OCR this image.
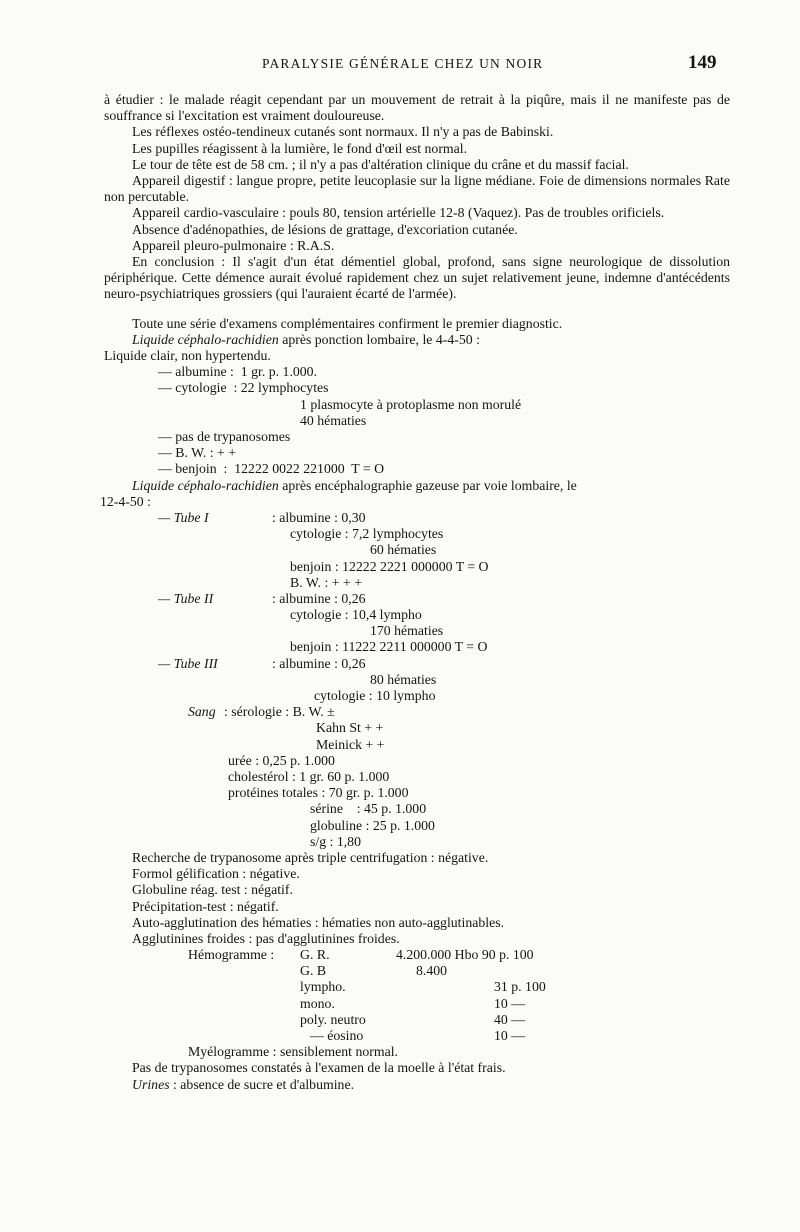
PARALYSIE GÉNÉRALE CHEZ UN NOIR	149

à étudier : le malade réagit cependant par un mouvement de retrait à la piqûre, mais il ne manifeste pas de souffrance si l'excitation est vraiment douloureuse.

Les réflexes ostéo-tendineux cutanés sont normaux. Il n'y a pas de Babinski.

Les pupilles réagissent à la lumière, le fond d'œil est normal.

Le tour de tête est de 58 cm. ; il n'y a pas d'altération clinique du crâne et du massif facial.

Appareil digestif : langue propre, petite leucoplasie sur la ligne médiane. Foie de dimensions normales Rate non percutable.

Appareil cardio-vasculaire : pouls 80, tension artérielle 12-8 (Vaquez). Pas de troubles orificiels.

Absence d'adénopathies, de lésions de grattage, d'excoriation cutanée.

Appareil pleuro-pulmonaire : R.A.S.

En conclusion : Il s'agit d'un état démentiel global, profond, sans signe neurologique de dissolution périphérique. Cette démence aurait évolué rapidement chez un sujet relativement jeune, indemne d'antécédents neuro-psychiatriques grossiers (qui l'auraient écarté de l'armée).

Toute une série d'examens complémentaires confirment le premier diagnostic.

Liquide céphalo-rachidien après ponction lombaire, le 4-4-50 :

Liquide clair, non hypertendu.

— albumine :  1 gr. p. 1.000.
— cytologie  : 22 lymphocytes
1 plasmocyte à protoplasme non morulé
40 hématies
— pas de trypanosomes
— B. W. : + +
— benjoin  :  12222 0022 221000  T = O

Liquide céphalo-rachidien après encéphalographie gazeuse par voie lombaire, le

12-4-50 :
— Tube I	: albumine : 0,30
cytologie : 7,2 lymphocytes
60 hématies
benjoin : 12222 2221 000000 T = O
B. W. : + + +
— Tube II	: albumine : 0,26
cytologie : 10,4 lympho
170 hématies
benjoin : 11222 2211 000000 T = O
— Tube III	: albumine : 0,26
80 hématies
cytologie : 10 lympho
Sang : sérologie : B. W. ±
Kahn St + +
Meinick + +
urée : 0,25 p. 1.000
cholestérol : 1 gr. 60 p. 1.000
protéines totales : 70 gr. p. 1.000
sérine    : 45 p. 1.000
globuline : 25 p. 1.000
s/g : 1,80

Recherche de trypanosome après triple centrifugation : négative.

Formol gélification : négative.

Globuline réag. test : négatif.

Précipitation-test : négatif.

Auto-agglutination des hématies : hématies non auto-agglutinables.

Agglutinines froides : pas d'agglutinines froides.

Hémogramme : G. R.	4.200.000 Hbo 90 p. 100
G. B	8.400
lympho.	31 p. 100
mono.	10 —
poly. neutro	40 —
— éosino	10 —
Myélogramme : sensiblement normal.

Pas de trypanosomes constatés à l'examen de la moelle à l'état frais.

Urines : absence de sucre et d'albumine.
